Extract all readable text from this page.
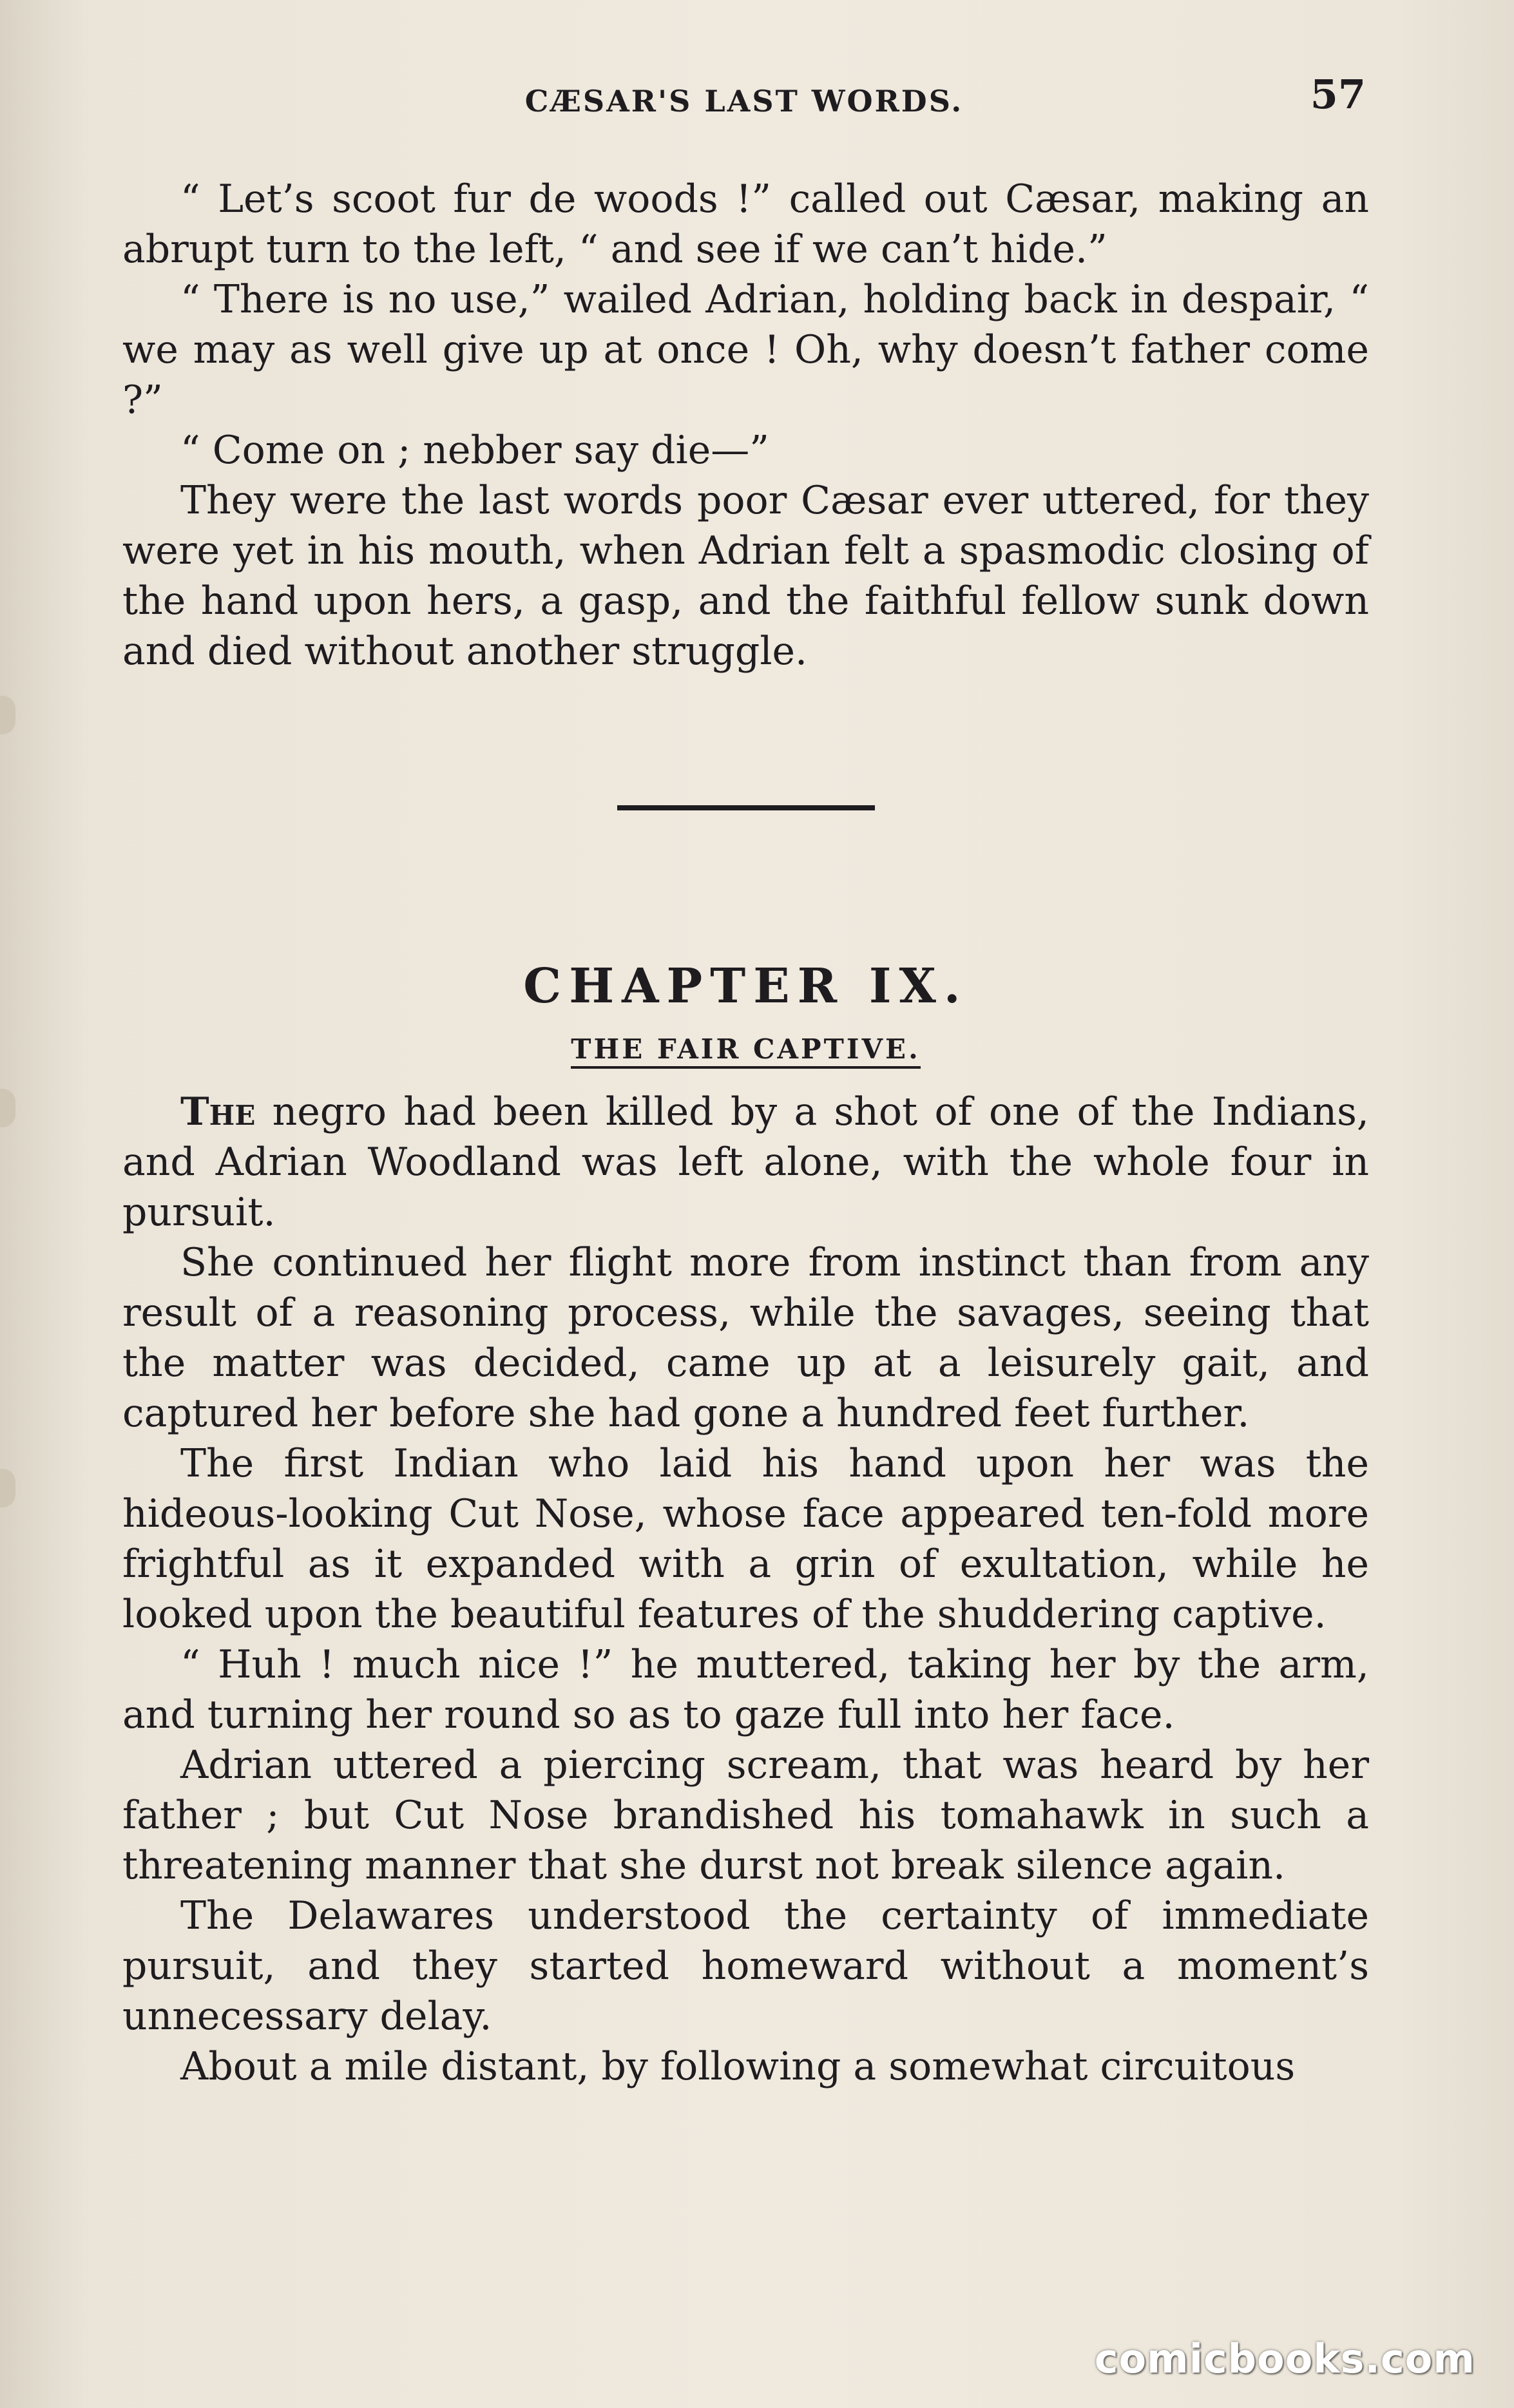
CÆSAR'S LAST WORDS.	57

“ Let’s scoot fur de woods !” called out Cæsar, making an abrupt turn to the left, “ and see if we can’t hide.”

“ There is no use,” wailed Adrian, holding back in despair, “ we may as well give up at once ! Oh, why doesn’t father come ?”

“ Come on ; nebber say die—”

They were the last words poor Cæsar ever uttered, for they were yet in his mouth, when Adrian felt a spasmodic closing of the hand upon hers, a gasp, and the faithful fellow sunk down and died without another struggle.

CHAPTER IX.
THE FAIR CAPTIVE.

The negro had been killed by a shot of one of the Indians, and Adrian Woodland was left alone, with the whole four in pursuit.

She continued her flight more from instinct than from any result of a reasoning process, while the savages, seeing that the matter was decided, came up at a leisurely gait, and captured her before she had gone a hundred feet further.

The first Indian who laid his hand upon her was the hideous-looking Cut Nose, whose face appeared ten-fold more frightful as it expanded with a grin of exultation, while he looked upon the beautiful features of the shuddering captive.

“ Huh ! much nice !” he muttered, taking her by the arm, and turning her round so as to gaze full into her face.

Adrian uttered a piercing scream, that was heard by her father ; but Cut Nose brandished his tomahawk in such a threatening manner that she durst not break silence again.

The Delawares understood the certainty of immediate pursuit, and they started homeward without a moment’s unnecessary delay.

About a mile distant, by following a somewhat circuitous

comicbooks.com
